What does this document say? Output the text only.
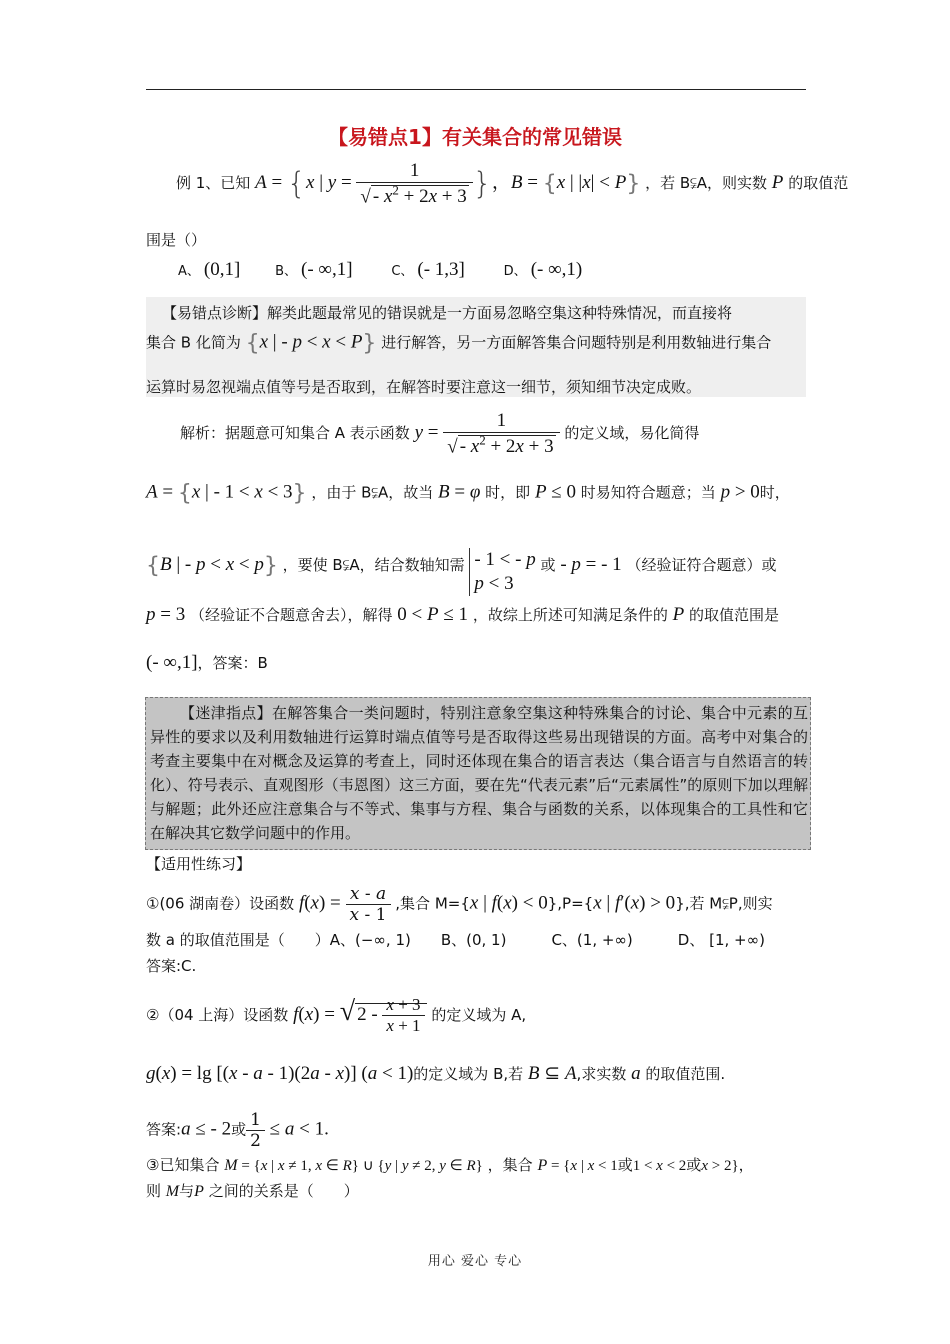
【易错点1】有关集合的常见错误
例 1、已知 A = {x | $y = \frac{1}{√ - x^2 + 2x + 3}$ }，B = {x | |x| < P} ，若 B⫋A，则实数 P 的取值范
围是（）
A、 (0,1]	B、 (- ∞,1]	C、 (- 1,3]	D、 (- ∞,1)
【易错点诊断】解类此题最常见的错误就是一方面易忽略空集这种特殊情况，而直接将
集合 B 化简为 {x | - p < x < P} 进行解答，另一方面解答集合问题特别是利用数轴进行集合
运算时易忽视端点值等号是否取到，在解答时要注意这一细节，须知细节决定成败。
解析：据题意可知集合 A 表示函数 $y = \frac{1}{√ - x^2 + 2x + 3}$ 的定义域，易化简得
A = {x | - 1 < x < 3} ，由于 B⫋A，故当 B = φ 时，即 P ≤ 0 时易知符合题意；当 p > 0时，
{B | - p < x < p} ，要使 B⫋A，结合数轴知需 - 1 < - p
p < 3 或 - p = - 1 （经验证符合题意）或
p = 3 （经验证不合题意舍去），解得 0 < P ≤ 1 ，故综上所述可知满足条件的 P 的取值范围是
(- ∞,1]，答案：B
【迷津指点】在解答集合一类问题时，特别注意象空集这种特殊集合的讨论、集合中元素的互异性的要求以及利用数轴进行运算时端点值等号是否取得这些易出现错误的方面。高考中对集合的考查主要集中在对概念及运算的考查上，同时还体现在集合的语言表达（集合语言与自然语言的转化）、符号表示、直观图形（韦恩图）这三方面，要在先“代表元素”后“元素属性”的原则下加以理解与解题；此外还应注意集合与不等式、集事与方程、集合与函数的关系，以体现集合的工具性和它在解决其它数学问题中的作用。
【适用性练习】
①(06 湖南卷）设函数 $f(x) = \frac{x - a}{x - 1}$ ,集合 M={x | f(x) < 0},P={x | f′(x) > 0},若 M⫋P,则实
数 a 的取值范围是（　　）A、(−∞, 1)　　B、(0, 1)　　　C、(1, +∞)　　　D、 [1, +∞)
答案:C.
②（04 上海）设函数 f(x) = √ $2 - \frac{x + 3}{x + 1}$ 的定义域为 A,
g(x) = lg [(x - a - 1)(2a - x)] (a < 1)的定义域为 B,若 B ⊆ A,求实数 a 的取值范围.
答案:a ≤ - 2或 $\frac{1}{2} \le a < 1$.
③已知集合 M = {x | x ≠ 1, x ∈ R} ∪ {y | y ≠ 2, y ∈ R} ，集合 P = {x | x < 1或1 < x < 2或x > 2}，
则 M与P 之间的关系是（　　）
用心 爱心 专心
